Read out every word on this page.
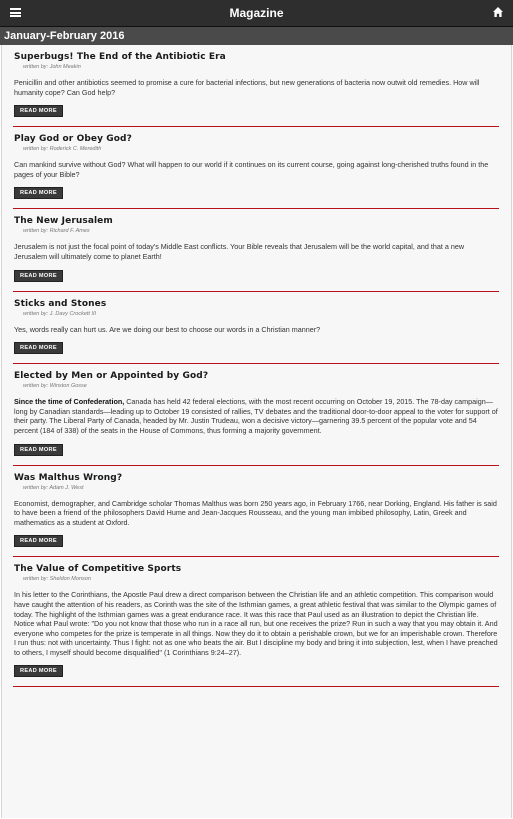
Magazine
January-February 2016
Superbugs! The End of the Antibiotic Era
written by: John Meakin

Penicillin and other antibiotics seemed to promise a cure for bacterial infections, but new generations of bacteria now outwit old remedies. How will humanity cope? Can God help?

READ MORE
Play God or Obey God?
written by: Roderick C. Meredith

Can mankind survive without God? What will happen to our world if it continues on its current course, going against long-cherished truths found in the pages of your Bible?

READ MORE
The New Jerusalem
written by: Richard F. Ames

Jerusalem is not just the focal point of today's Middle East conflicts. Your Bible reveals that Jerusalem will be the world capital, and that a new Jerusalem will ultimately come to planet Earth!

READ MORE
Sticks and Stones
written by: J. Davy Crockett III

Yes, words really can hurt us. Are we doing our best to choose our words in a Christian manner?

READ MORE
Elected by Men or Appointed by God?
written by: Winston Gosse

Since the time of Confederation, Canada has held 42 federal elections, with the most recent occurring on October 19, 2015. The 78-day campaign—long by Canadian standards—leading up to October 19 consisted of rallies, TV debates and the traditional door-to-door appeal to the voter for support of their party. The Liberal Party of Canada, headed by Mr. Justin Trudeau, won a decisive victory—garnering 39.5 percent of the popular vote and 54 percent (184 of 338) of the seats in the House of Commons, thus forming a majority government.

READ MORE
Was Malthus Wrong?
written by: Adam J. West

Economist, demographer, and Cambridge scholar Thomas Malthus was born 250 years ago, in February 1766, near Dorking, England. His father is said to have been a friend of the philosophers David Hume and Jean-Jacques Rousseau, and the young man imbibed philosophy, Latin, Greek and mathematics as a student at Oxford.

READ MORE
The Value of Competitive Sports
written by: Sheldon Monson

In his letter to the Corinthians, the Apostle Paul drew a direct comparison between the Christian life and an athletic competition. This comparison would have caught the attention of his readers, as Corinth was the site of the Isthmian games, a great athletic festival that was similar to the Olympic games of today. The highlight of the Isthmian games was a great endurance race. It was this race that Paul used as an illustration to depict the Christian life. Notice what Paul wrote: "Do you not know that those who run in a race all run, but one receives the prize? Run in such a way that you may obtain it. And everyone who competes for the prize is temperate in all things. Now they do it to obtain a perishable crown, but we for an imperishable crown. Therefore I run thus: not with uncertainty. Thus I fight: not as one who beats the air. But I discipline my body and bring it into subjection, lest, when I have preached to others, I myself should become disqualified" (1 Corinthians 9:24–27).

READ MORE
